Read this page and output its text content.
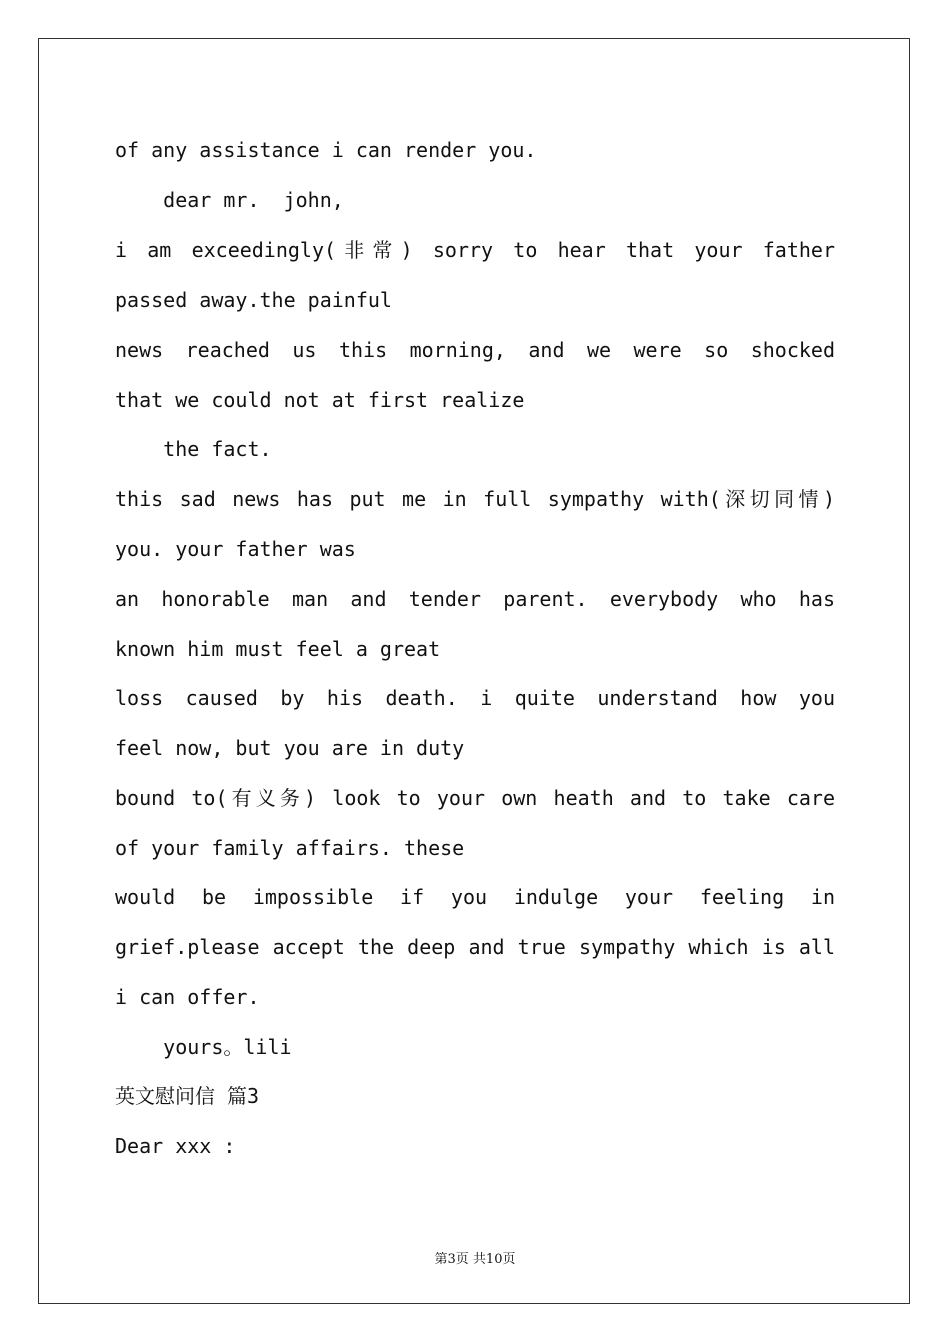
of any assistance i can render you.
dear mr.  john,
i am exceedingly(非常) sorry to hear that your father
passed away.the painful
news reached us this morning, and we were so shocked
that we could not at first realize
the fact.
this sad news has put me in full sympathy with(深切同情)
you. your father was
an honorable man and tender parent. everybody who has
known him must feel a great
loss caused by his death. i quite understand how you
feel now, but you are in duty
bound to(有义务) look to your own heath and to take care
of your family affairs. these
would be impossible if you indulge your feeling in
grief.please accept the deep and true sympathy which is all
i can offer.
yours。lili
英文慰问信 篇3
Dear xxx :
第3页 共10页
